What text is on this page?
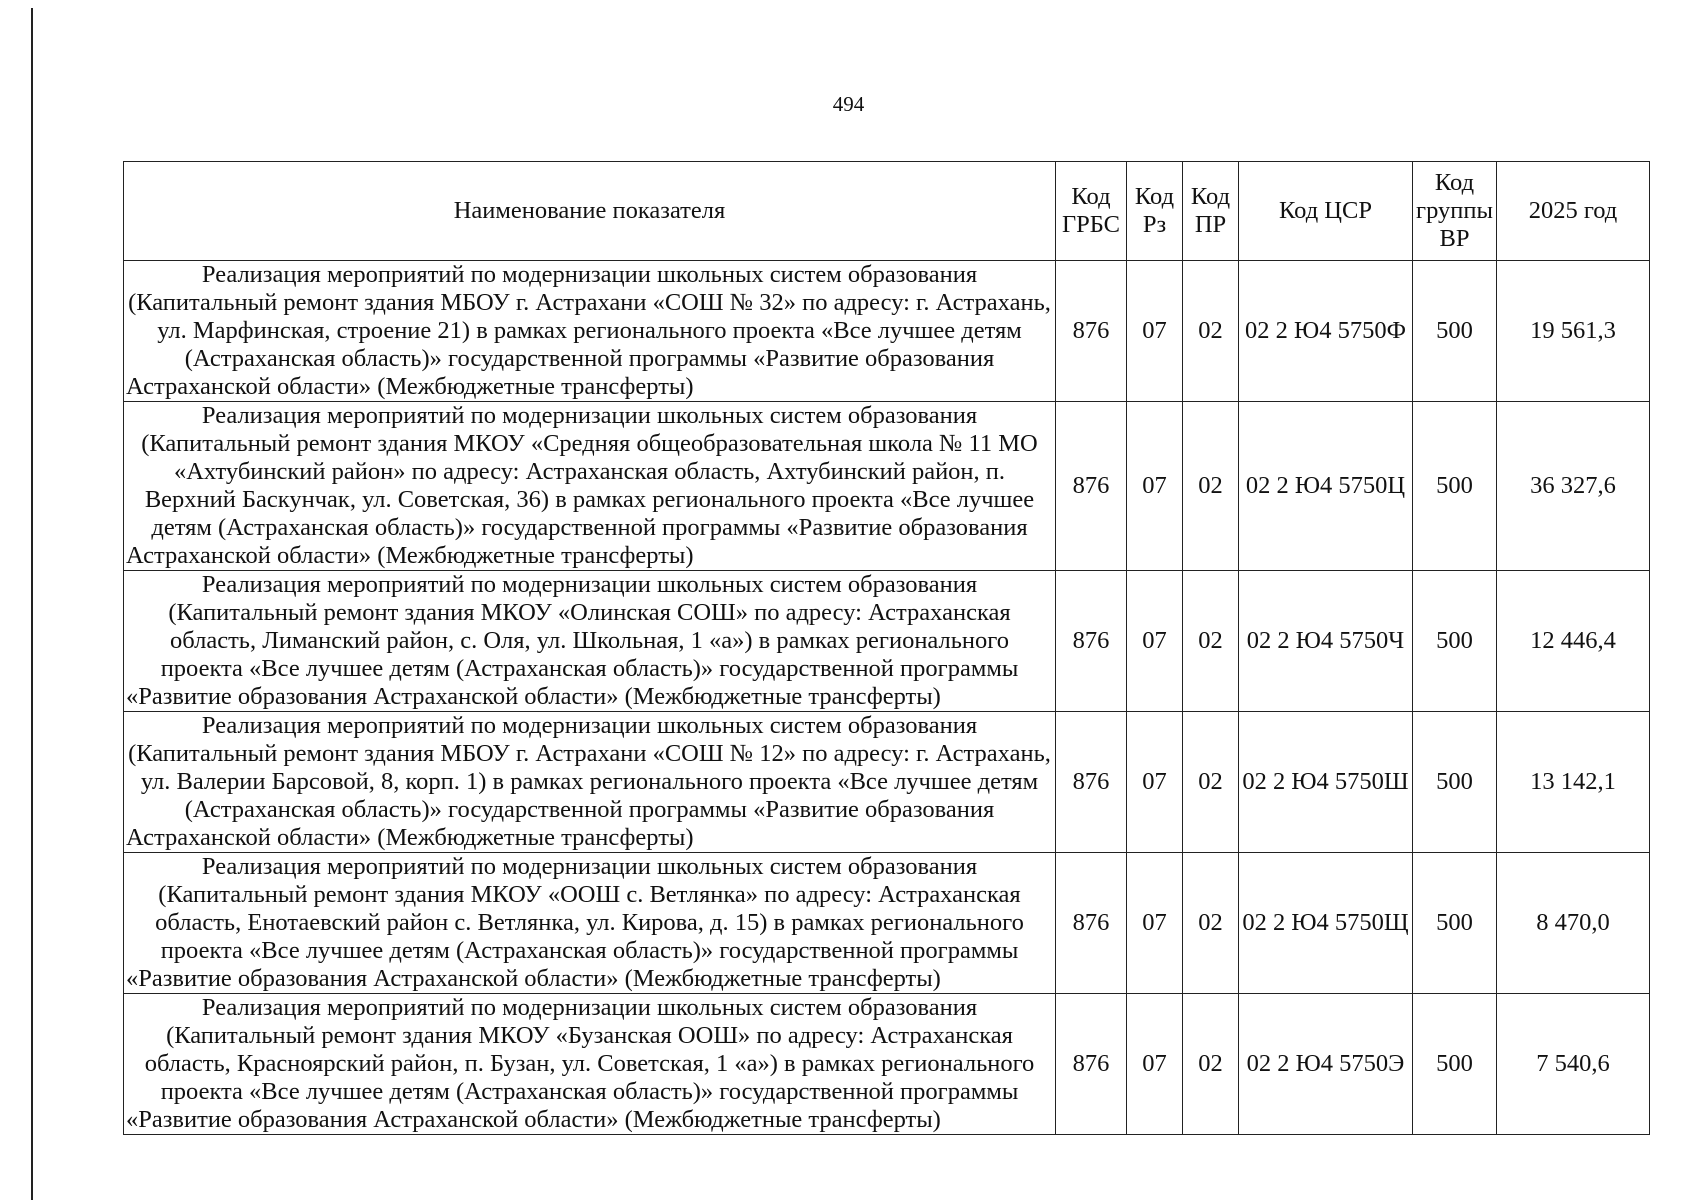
494
Наименование показателя	Код ГРБС	Код Рз	Код ПР	Код ЦСР	Код группы ВР	2025 год
Реализация мероприятий по модернизации школьных систем образования (Капитальный ремонт здания МБОУ г. Астрахани «СОШ № 32» по адресу: г. Астрахань, ул. Марфинская, строение 21) в рамках регионального проекта «Все лучшее детям (Астраханская область)» государственной программы «Развитие образования Астраханской области» (Межбюджетные трансферты)	876	07	02	02 2 Ю4 5750Ф	500	19 561,3
Реализация мероприятий по модернизации школьных систем образования (Капитальный ремонт здания МКОУ «Средняя общеобразовательная школа № 11 МО «Ахтубинский район» по адресу: Астраханская область, Ахтубинский район, п. Верхний Баскунчак, ул. Советская, 36) в рамках регионального проекта «Все лучшее детям (Астраханская область)» государственной программы «Развитие образования Астраханской области» (Межбюджетные трансферты)	876	07	02	02 2 Ю4 5750Ц	500	36 327,6
Реализация мероприятий по модернизации школьных систем образования (Капитальный ремонт здания МКОУ «Олинская СОШ» по адресу: Астраханская область, Лиманский район, с. Оля, ул. Школьная, 1 «а») в рамках регионального проекта «Все лучшее детям (Астраханская область)» государственной программы «Развитие образования Астраханской области» (Межбюджетные трансферты)	876	07	02	02 2 Ю4 5750Ч	500	12 446,4
Реализация мероприятий по модернизации школьных систем образования (Капитальный ремонт здания МБОУ г. Астрахани «СОШ № 12» по адресу: г. Астрахань, ул. Валерии Барсовой, 8, корп. 1) в рамках регионального проекта «Все лучшее детям (Астраханская область)» государственной программы «Развитие образования Астраханской области» (Межбюджетные трансферты)	876	07	02	02 2 Ю4 5750Ш	500	13 142,1
Реализация мероприятий по модернизации школьных систем образования (Капитальный ремонт здания МКОУ «ООШ с. Ветлянка» по адресу: Астраханская область, Енотаевский район с. Ветлянка, ул. Кирова, д. 15) в рамках регионального проекта «Все лучшее детям (Астраханская область)» государственной программы «Развитие образования Астраханской области» (Межбюджетные трансферты)	876	07	02	02 2 Ю4 5750Щ	500	8 470,0
Реализация мероприятий по модернизации школьных систем образования (Капитальный ремонт здания МКОУ «Бузанская ООШ» по адресу: Астраханская область, Красноярский район, п. Бузан, ул. Советская, 1 «а») в рамках регионального проекта «Все лучшее детям (Астраханская область)» государственной программы «Развитие образования Астраханской области» (Межбюджетные трансферты)	876	07	02	02 2 Ю4 5750Э	500	7 540,6
